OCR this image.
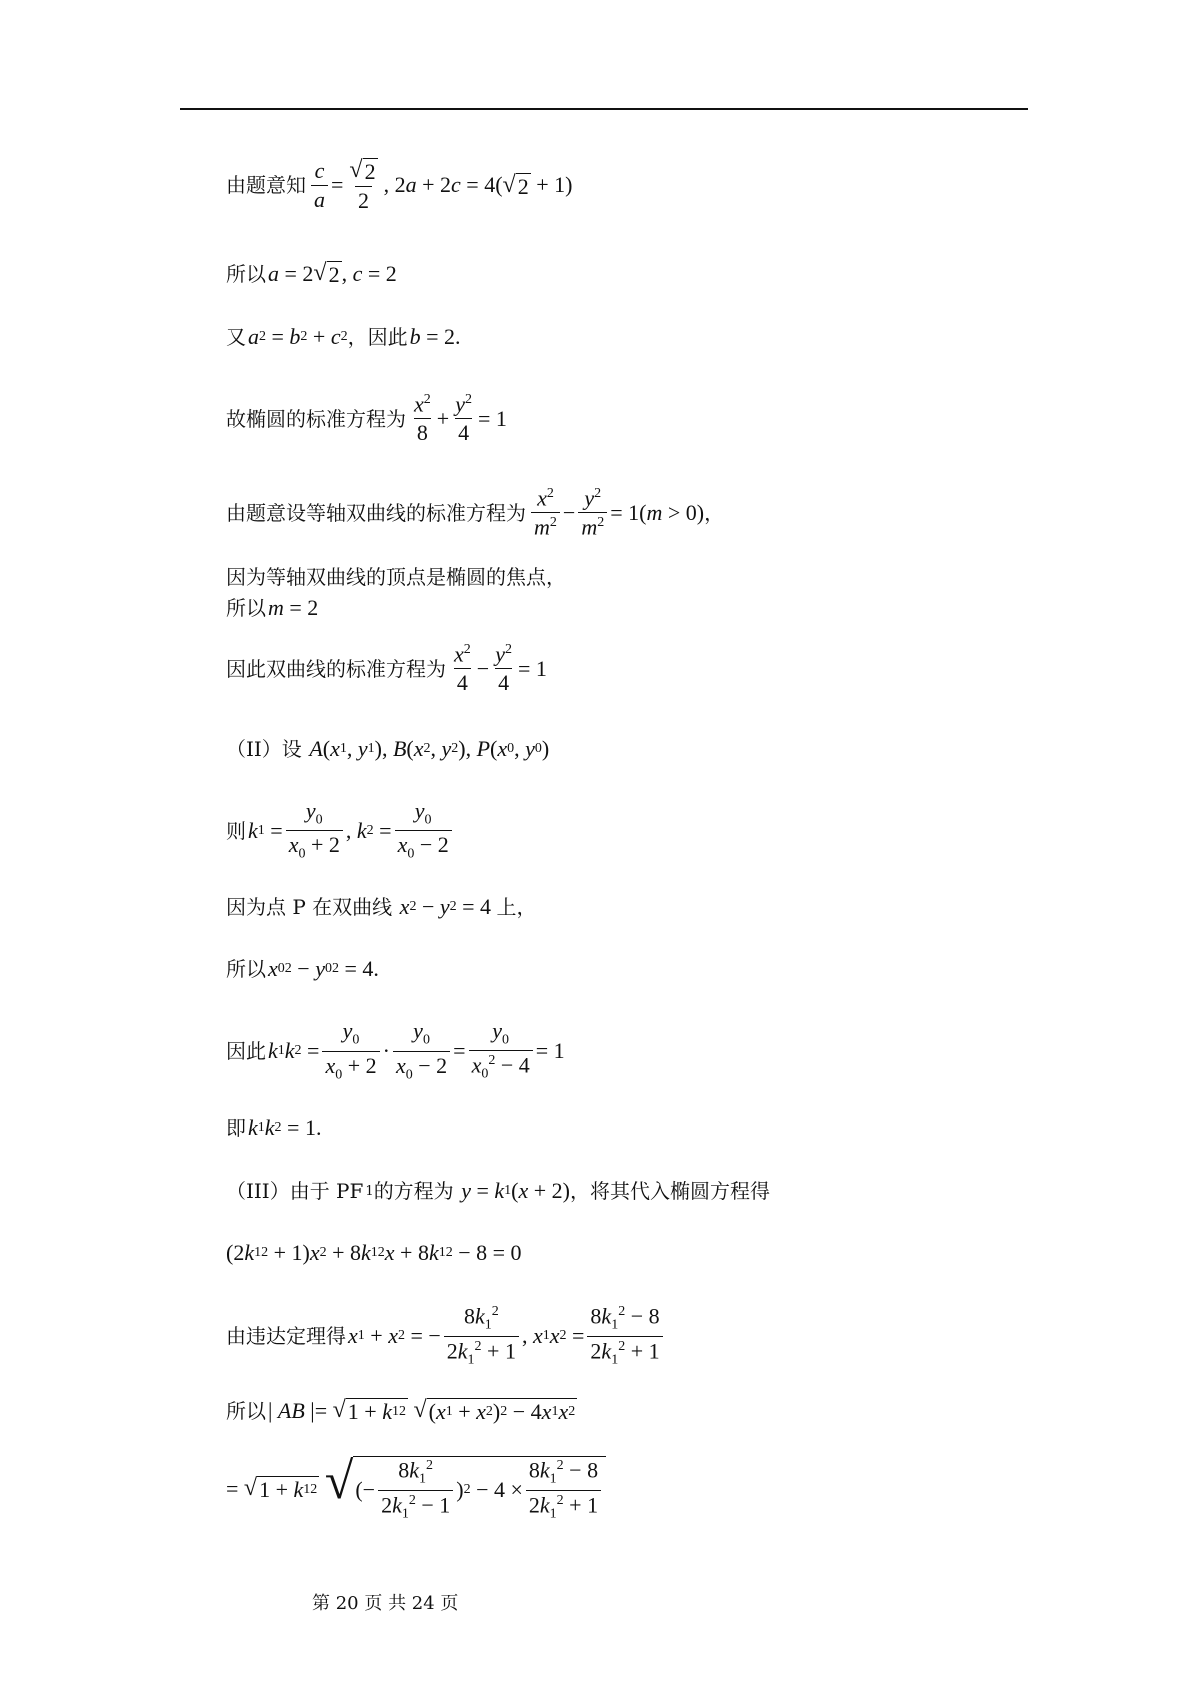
由题意知 $\frac{c}{a} = \frac{√ 2}{2}$ , 2 a + 2 c = 4( √ 2 + 1)
所以 a = 2 √ 2 , c = 2
又 a 2 = b 2 + c 2 ，因此 b = 2.
故椭圆的标准方程为 $\frac{x^2}{8} + \frac{y^2}{4} = 1$
由题意设等轴双曲线的标准方程为 $\frac{x^2}{m^2} - \frac{y^2}{m^2} = 1$( m > 0) ，
因为等轴双曲线的顶点是椭圆的焦点，
所以 m = 2
因此双曲线的标准方程为 $\frac{x^2}{4} - \frac{y^2}{4} = 1$
（II）设
A ( x 1 , y 1 ), B ( x 2 , y 2 ), P ( x 0 , y 0 )
则 k $1 = \frac{y_0}{x_0 + 2}$ , k $2 = \frac{y_0}{x_0 - 2}$
因为点 P 在双曲线
x 2 − y 2 = 4 上，
所以 x 0 2 − y 0 2 = 4.
因此 k 1 k $2 = \frac{y_0}{x_0 + 2} \cdot \frac{y_0}{x_0 - 2} = \frac{y_0}{x_0^2 - 4} = 1$
即 k 1 k 2 = 1.
（III）由于 PF 1 的方程为
y = k 1 ( x + 2) ，将其代入椭圆方程得
(2 k 1 2 + 1) x 2 + 8 k 1 2 x + 8 k 1 2 − 8 = 0
由违达定理得 x 1 + x 2 = − $\frac{8k_1^2}{2k_1^2 + 1}$ , x 1 x $2 = \frac{8k_1^2 - 8}{2k_1^2 + 1}$
所以 | AB |= √ 1 + k 1 2
√ ( x 1 + x 2 ) 2 − 4 x 1 x 2
= √ 1 + k 1 2
√ (− $\frac{8k_1^2}{2k_1^2 - 1}$ ) $2 - 4 \times \frac{8k_1^2 - 8}{2k_1^2 + 1}$
第 20 页 共 24 页
